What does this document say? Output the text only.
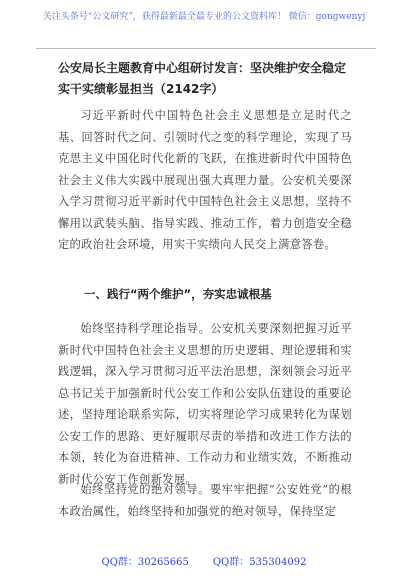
关注头条号“公文研究”，获得最新最全最专业的公文资料库！ 微信：gongwenyj
公安局长主题教育中心组研讨发言：坚决维护安全稳定实干实绩彰显担当（2142字）
习近平新时代中国特色社会主义思想是立足时代之基、回答时代之问、引领时代之变的科学理论，实现了马克思主义中国化时代化新的飞跃，在推进新时代中国特色社会主义伟大实践中展现出强大真理力量。公安机关要深入学习贯彻习近平新时代中国特色社会主义思想，坚持不懈用以武装头脑、指导实践、推动工作，着力创造安全稳定的政治社会环境，用实干实绩向人民交上满意答卷。
一、践行“两个维护”，夯实忠诚根基
始终坚持科学理论指导。公安机关要深刻把握习近平新时代中国特色社会主义思想的历史逻辑、理论逻辑和实践逻辑，深入学习贯彻习近平法治思想，深刻领会习近平总书记关于加强新时代公安工作和公安队伍建设的重要论述，坚持理论联系实际，切实将理论学习成果转化为谋划公安工作的思路、更好履职尽责的举措和改进工作方法的本领，转化为奋进精神、工作动力和业绩实效，不断推动新时代公安工作创新发展。
始终坚持党的绝对领导。要牢牢把握“公安姓党”的根本政治属性，始终坚持和加强党的绝对领导，保持坚定
QQ群：30265665 QQ群：535304092
